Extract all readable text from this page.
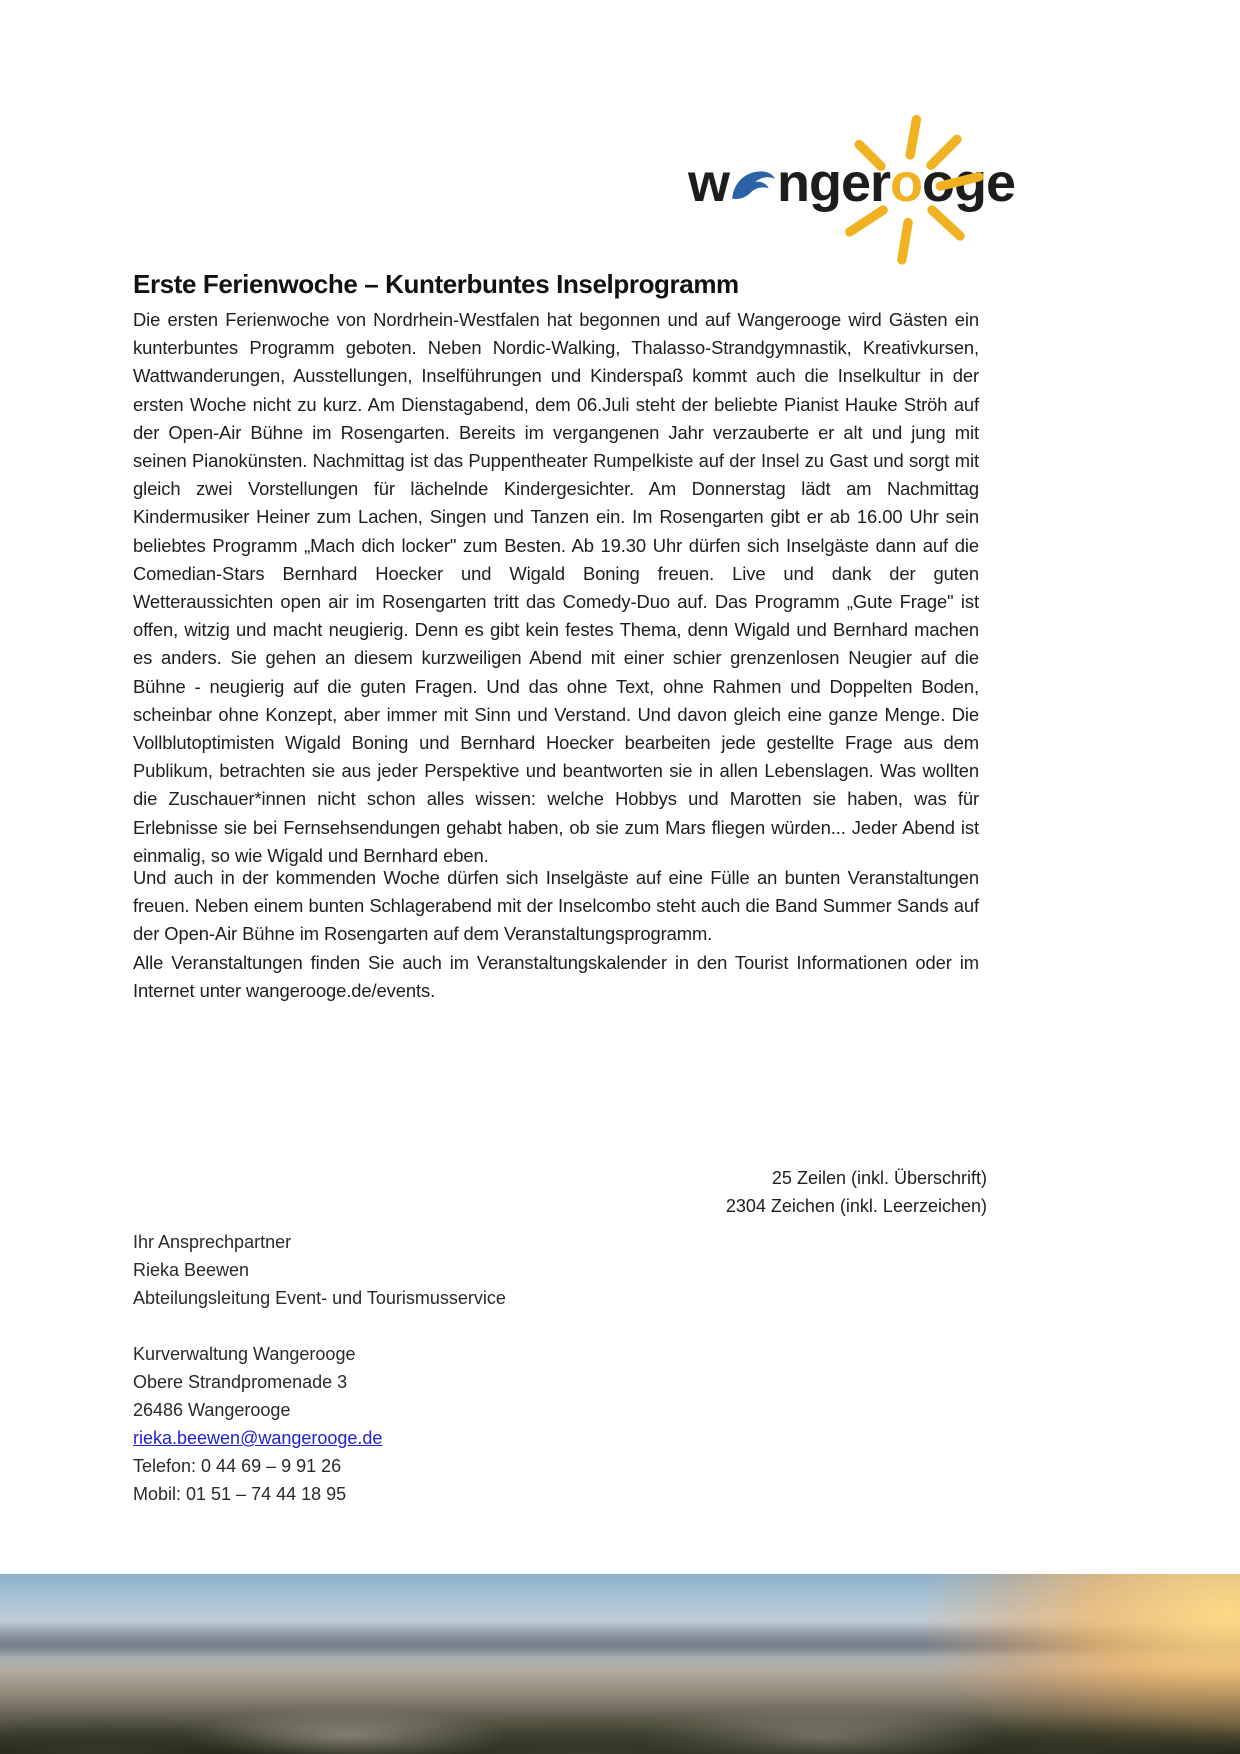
w nger
ooge
Erste Ferienwoche – Kunterbuntes Inselprogramm
Die ersten Ferienwoche von Nordrhein-Westfalen hat begonnen und auf Wangerooge wird Gästen ein kunterbuntes Programm geboten. Neben Nordic-Walking, Thalasso-Strandgymnastik, Kreativkursen, Wattwanderungen, Ausstellungen, Inselführungen und Kinderspaß kommt auch die Inselkultur in der ersten Woche nicht zu kurz. Am Dienstagabend, dem 06.Juli steht der beliebte Pianist Hauke Ströh auf der Open-Air Bühne im Rosengarten. Bereits im vergangenen Jahr verzauberte er alt und jung mit seinen Pianokünsten. Nachmittag ist das Puppentheater Rumpelkiste auf der Insel zu Gast und sorgt mit gleich zwei Vorstellungen für lächelnde Kindergesichter. Am Donnerstag lädt am Nachmittag Kindermusiker Heiner zum Lachen, Singen und Tanzen ein. Im Rosengarten gibt er ab 16.00 Uhr sein beliebtes Programm „Mach dich locker" zum Besten. Ab 19.30 Uhr dürfen sich Inselgäste dann auf die Comedian-Stars Bernhard Hoecker und Wigald Boning freuen. Live und dank der guten Wetteraussichten open air im Rosengarten tritt das Comedy-Duo auf. Das Programm „Gute Frage" ist offen, witzig und macht neugierig. Denn es gibt kein festes Thema, denn Wigald und Bernhard machen es anders. Sie gehen an diesem kurzweiligen Abend mit einer schier grenzenlosen Neugier auf die Bühne - neugierig auf die guten Fragen. Und das ohne Text, ohne Rahmen und Doppelten Boden, scheinbar ohne Konzept, aber immer mit Sinn und Verstand. Und davon gleich eine ganze Menge. Die Vollblutoptimisten Wigald Boning und Bernhard Hoecker bearbeiten jede gestellte Frage aus dem Publikum, betrachten sie aus jeder Perspektive und beantworten sie in allen Lebenslagen. Was wollten die Zuschauer*innen nicht schon alles wissen: welche Hobbys und Marotten sie haben, was für Erlebnisse sie bei Fernsehsendungen gehabt haben, ob sie zum Mars fliegen würden... Jeder Abend ist einmalig, so wie Wigald und Bernhard eben.

Und auch in der kommenden Woche dürfen sich Inselgäste auf eine Fülle an bunten Veranstaltungen freuen. Neben einem bunten Schlagerabend mit der Inselcombo steht auch die Band Summer Sands auf der Open-Air Bühne im Rosengarten auf dem Veranstaltungsprogramm.

Alle Veranstaltungen finden Sie auch im Veranstaltungskalender in den Tourist Informationen oder im Internet unter wangerooge.de/events.

25 Zeilen (inkl. Überschrift)
2304 Zeichen (inkl. Leerzeichen)
Ihr Ansprechpartner
Rieka Beewen
Abteilungsleitung Event- und Tourismusservice
Kurverwaltung Wangerooge
Obere Strandpromenade 3
26486 Wangerooge
rieka.beewen@wangerooge.de
Telefon: 0 44 69 – 9 91 26
Mobil: 01 51 – 74 44 18 95
